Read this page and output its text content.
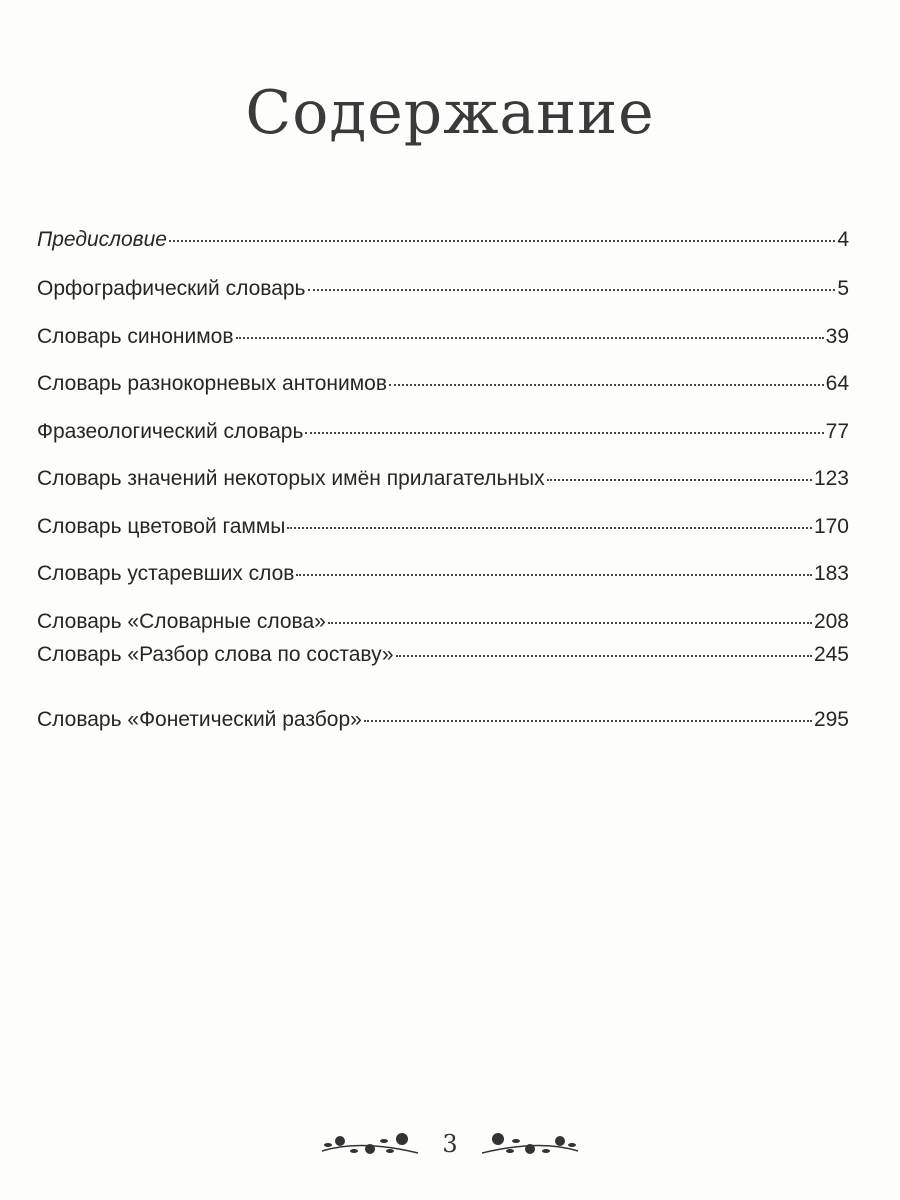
Содержание
Предисловие	4
Орфографический словарь	5
Словарь синонимов	39
Словарь разнокорневых антонимов	64
Фразеологический словарь	77
Словарь значений некоторых имён прилагательных	123
Словарь цветовой гаммы	170
Словарь устаревших слов	183
Словарь «Словарные слова»	208
Словарь «Разбор слова по составу»	245
Словарь «Фонетический разбор»	295
3
